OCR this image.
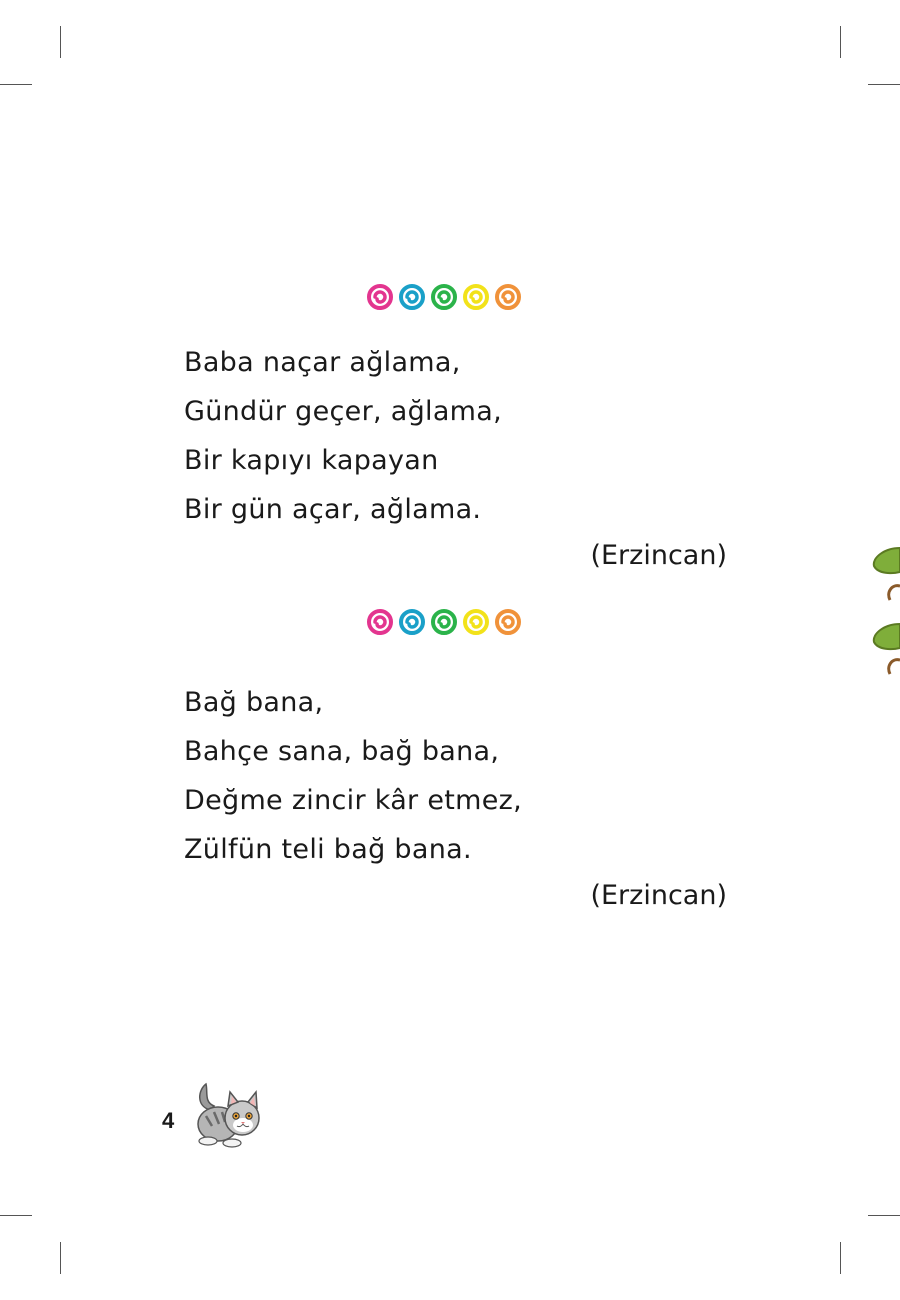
Baba naçar ağlama,
Gündür geçer, ağlama,
Bir kapıyı kapayan
Bir gün açar, ağlama.
(Erzincan)
Bağ bana,
Bahçe sana, bağ bana,
Değme zincir kâr etmez,
Zülfün teli bağ bana.
(Erzincan)
4
